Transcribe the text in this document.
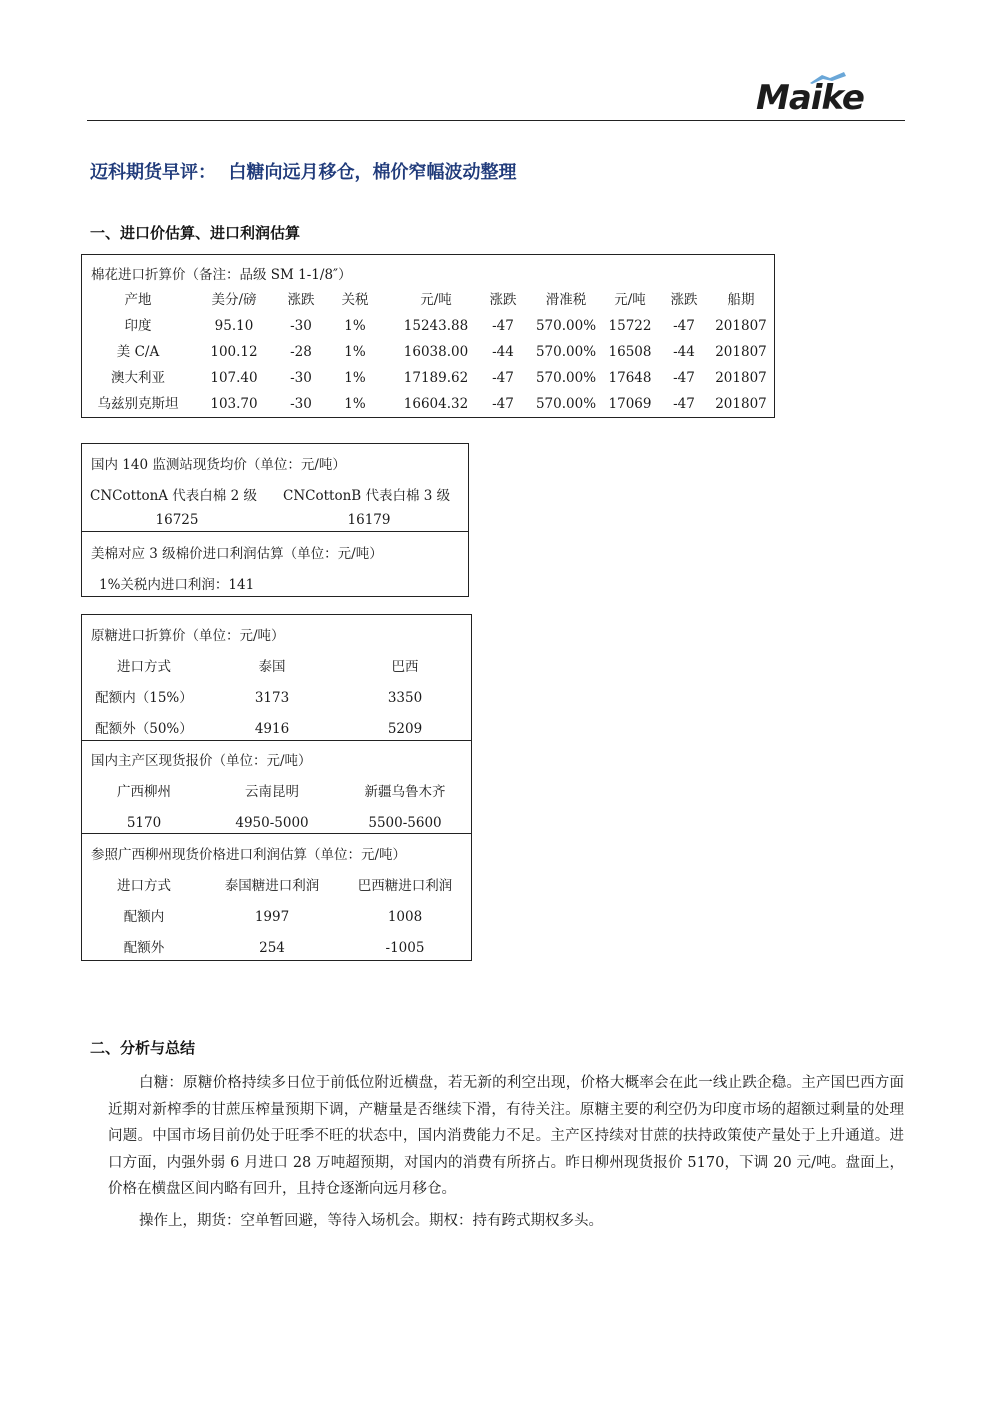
Maike
迈科期货早评：  白糖向远月移仓，棉价窄幅波动整理
一、进口价估算、进口利润估算
棉花进口折算价（备注：品级 SM 1-1/8″）
产地	美分/磅	涨跌	关税	元/吨	涨跌	滑准税	元/吨	涨跌	船期
印度	95.10	-30	1%	15243.88	-47	570.00% 15722	-47	201807
美 C/A	100.12	-28	1%	16038.00	-44	570.00% 16508	-44	201807
澳大利亚	107.40	-30	1%	17189.62	-47	570.00% 17648	-47	201807
乌兹别克斯坦	103.70	-30	1%	16604.32	-47	570.00% 17069	-47	201807
国内 140 监测站现货均价（单位：元/吨）
CNCottonA 代表白棉 2 级 CNCottonB 代表白棉 3 级
16725	16179
美棉对应 3 级棉价进口利润估算（单位：元/吨）
1%关税内进口利润：141
原糖进口折算价（单位：元/吨）
国内主产区现货报价（单位：元/吨）
参照广西柳州现货价格进口利润估算（单位：元/吨）
进口方式	泰国	巴西
配额内（15%）	3173	3350
配额外（50%）	4916	5209
广西柳州	云南昆明	新疆乌鲁木齐
5170	4950-5000	5500-5600
进口方式	泰国糖进口利润	巴西糖进口利润
配额内	1997	1008
配额外	254	-1005
二、分析与总结
白糖：原糖价格持续多日位于前低位附近横盘，若无新的利空出现，价格大概率会在此一线止跌企稳。主产国巴西方面近期对新榨季的甘蔗压榨量预期下调，产糖量是否继续下滑，有待关注。原糖主要的利空仍为印度市场的超额过剩量的处理问题。中国市场目前仍处于旺季不旺的状态中，国内消费能力不足。主产区持续对甘蔗的扶持政策使产量处于上升通道。进口方面，内强外弱 6 月进口 28 万吨超预期，对国内的消费有所挤占。昨日柳州现货报价 5170，下调 20 元/吨。盘面上，价格在横盘区间内略有回升，且持仓逐渐向远月移仓。
操作上，期货：空单暂回避，等待入场机会。期权：持有跨式期权多头。
